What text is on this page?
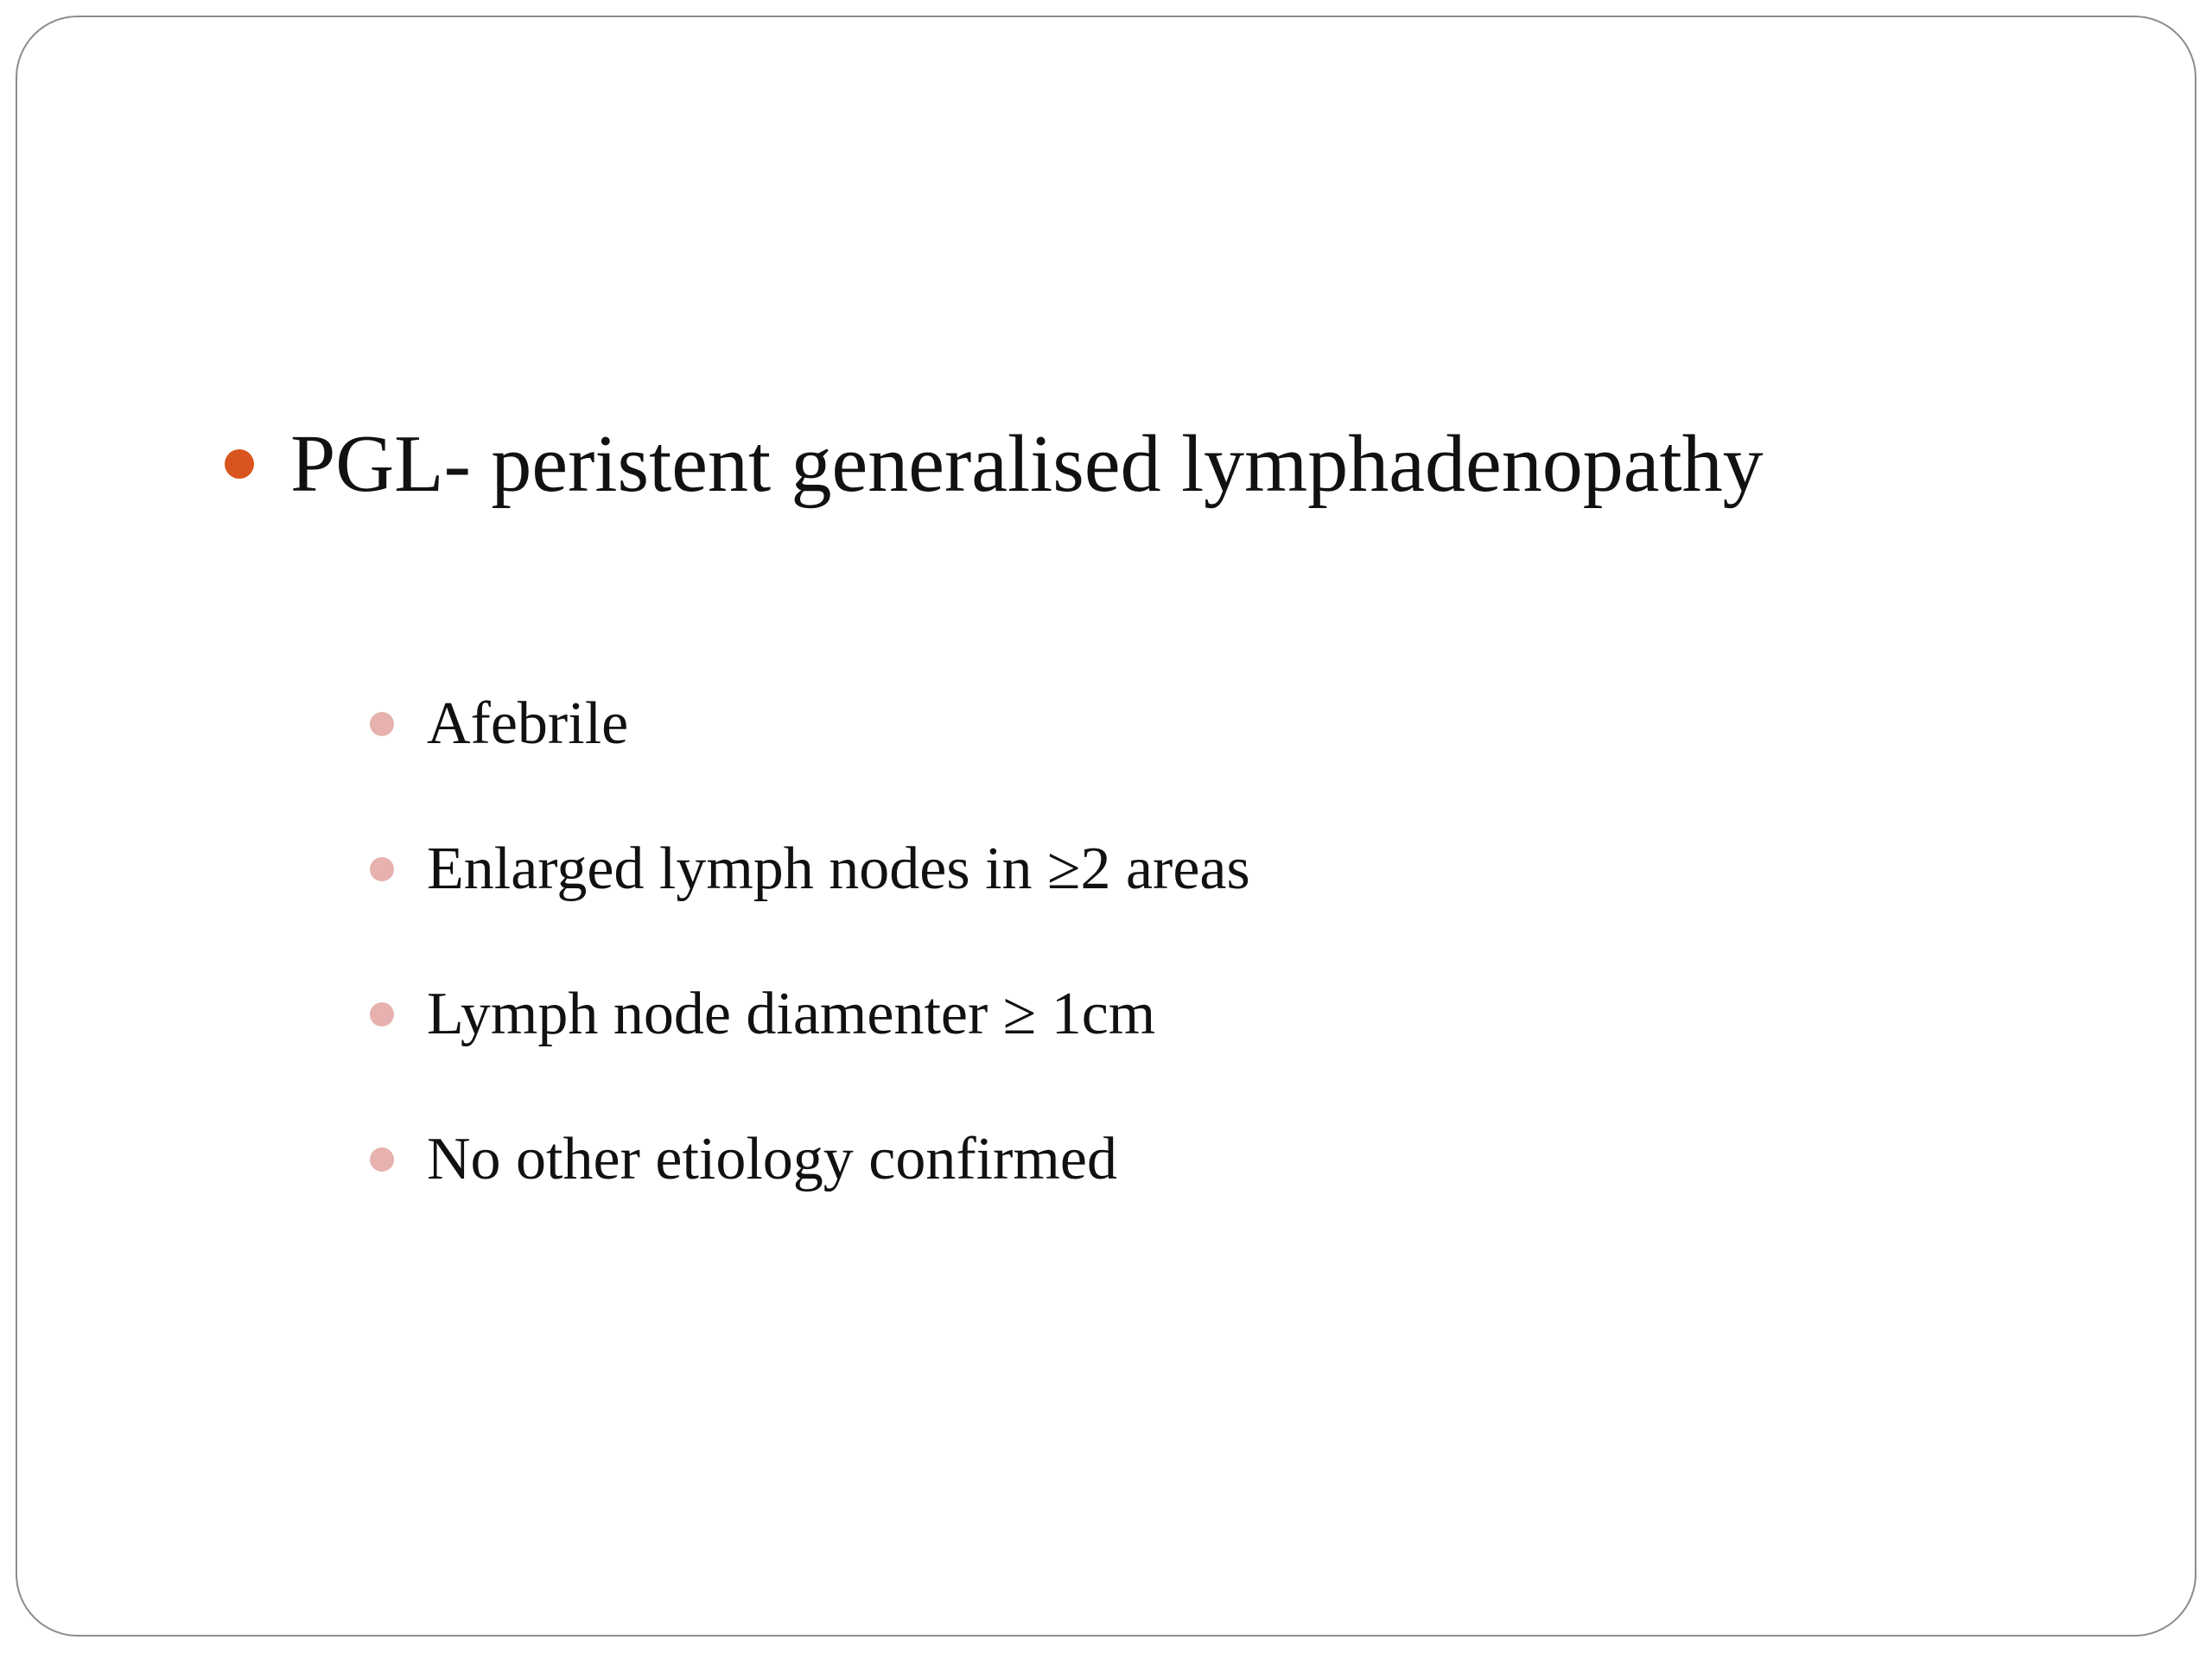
PGL- peristent generalised lymphadenopathy
Afebrile
Enlarged lymph nodes in ≥2 areas
Lymph node diamenter ≥ 1cm
No other etiology confirmed
